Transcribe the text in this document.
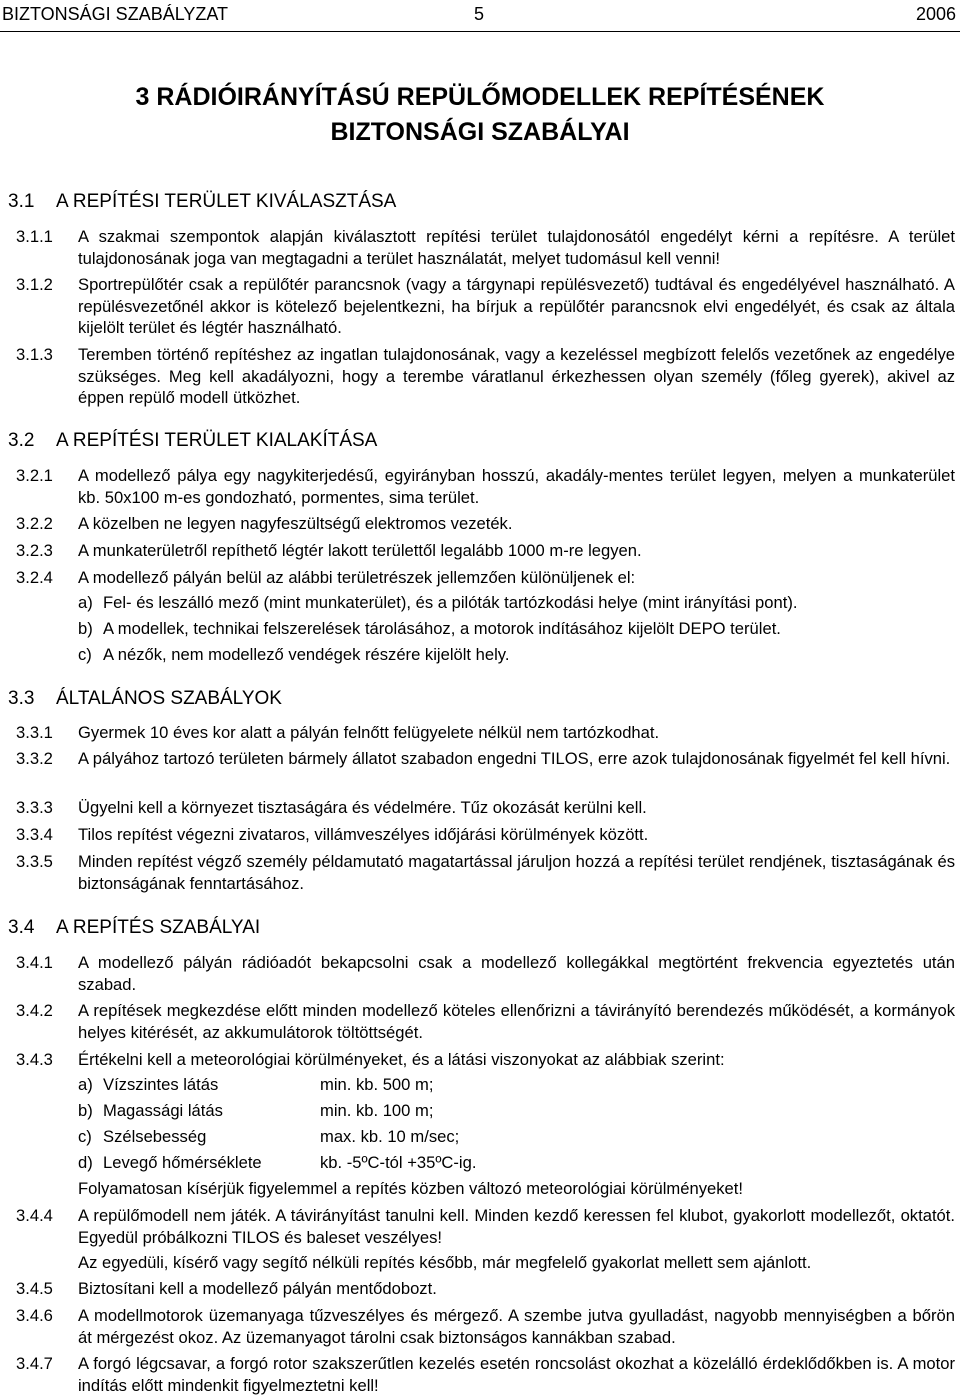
BIZTONSÁGI SZABÁLYZAT	5	2006
3 RÁDIÓIRÁNYÍTÁSÚ REPÜLŐMODELLEK REPÍTÉSÉNEK
BIZTONSÁGI SZABÁLYAI
3.1 A REPÍTÉSI TERÜLET KIVÁLASZTÁSA
3.1.1 A szakmai szempontok alapján kiválasztott repítési terület tulajdonosától engedélyt kérni a repítésre. A terület tulajdonosának joga van megtagadni a terület használatát, melyet tudomásul kell venni!
3.1.2 Sportrepülőtér csak a repülőtér parancsnok (vagy a tárgynapi repülésvezető) tudtával és engedélyével használható. A repülésvezetőnél akkor is kötelező bejelentkezni, ha bírjuk a repülőtér parancsnok elvi engedélyét, és csak az általa kijelölt terület és légtér használható.
3.1.3 Teremben történő repítéshez az ingatlan tulajdonosának, vagy a kezeléssel megbízott felelős vezetőnek az engedélye szükséges. Meg kell akadályozni, hogy a terembe váratlanul érkezhessen olyan személy (főleg gyerek), akivel az éppen repülő modell ütközhet.
3.2 A REPÍTÉSI TERÜLET KIALAKÍTÁSA
3.2.1 A modellező pálya egy nagykiterjedésű, egyirányban hosszú, akadály-mentes terület legyen, melyen a munkaterület kb. 50x100 m-es gondozható, pormentes, sima terület.
3.2.2 A közelben ne legyen nagyfeszültségű elektromos vezeték.
3.2.3 A munkaterületről repíthető légtér lakott területtől legalább 1000 m-re legyen.
3.2.4 A modellező pályán belül az alábbi területrészek jellemzően különüljenek el:
a) Fel- és leszálló mező (mint munkaterület), és a pilóták tartózkodási helye (mint irányítási pont).
b) A modellek, technikai felszerelések tárolásához, a motorok indításához kijelölt DEPO terület.
c) A nézők, nem modellező vendégek részére kijelölt hely.
3.3 ÁLTALÁNOS SZABÁLYOK
3.3.1 Gyermek 10 éves kor alatt a pályán felnőtt felügyelete nélkül nem tartózkodhat.
3.3.2 A pályához tartozó területen bármely állatot szabadon engedni TILOS, erre azok tulajdonosának figyelmét fel kell hívni.
3.3.3 Ügyelni kell a környezet tisztaságára és védelmére. Tűz okozását kerülni kell.
3.3.4 Tilos repítést végezni zivataros, villámveszélyes időjárási körülmények között.
3.3.5 Minden repítést végző személy példamutató magatartással járuljon hozzá a repítési terület rendjének, tisztaságának és biztonságának fenntartásához.
3.4 A REPÍTÉS SZABÁLYAI
3.4.1 A modellező pályán rádióadót bekapcsolni csak a modellező kollegákkal megtörtént frekvencia egyeztetés után szabad.
3.4.2 A repítések megkezdése előtt minden modellező köteles ellenőrizni a távirányító berendezés működését, a kormányok helyes kitérését, az akkumulátorok töltöttségét.
3.4.3 Értékelni kell a meteorológiai körülményeket, és a látási viszonyokat az alábbiak szerint:
a) Vízszintes látás	min. kb. 500 m;
b) Magassági látás	min. kb. 100 m;
c) Szélsebesség	max. kb. 10 m/sec;
d) Levegő hőmérséklete	kb. -5ºC-tól +35ºC-ig.
Folyamatosan kísérjük figyelemmel a repítés közben változó meteorológiai körülményeket!
3.4.4 A repülőmodell nem játék. A távirányítást tanulni kell. Minden kezdő keressen fel klubot, gyakorlott modellezőt, oktatót. Egyedül próbálkozni TILOS és baleset veszélyes!
Az egyedüli, kísérő vagy segítő nélküli repítés később, már megfelelő gyakorlat mellett sem ajánlott.
3.4.5 Biztosítani kell a modellező pályán mentődobozt.
3.4.6 A modellmotorok üzemanyaga tűzveszélyes és mérgező. A szembe jutva gyulladást, nagyobb mennyiségben a bőrön át mérgezést okoz. Az üzemanyagot tárolni csak biztonságos kannákban szabad.
3.4.7 A forgó légcsavar, a forgó rotor szakszerűtlen kezelés esetén roncsolást okozhat a közelálló érdeklődőkben is. A motor indítás előtt mindenkit figyelmeztetni kell!
